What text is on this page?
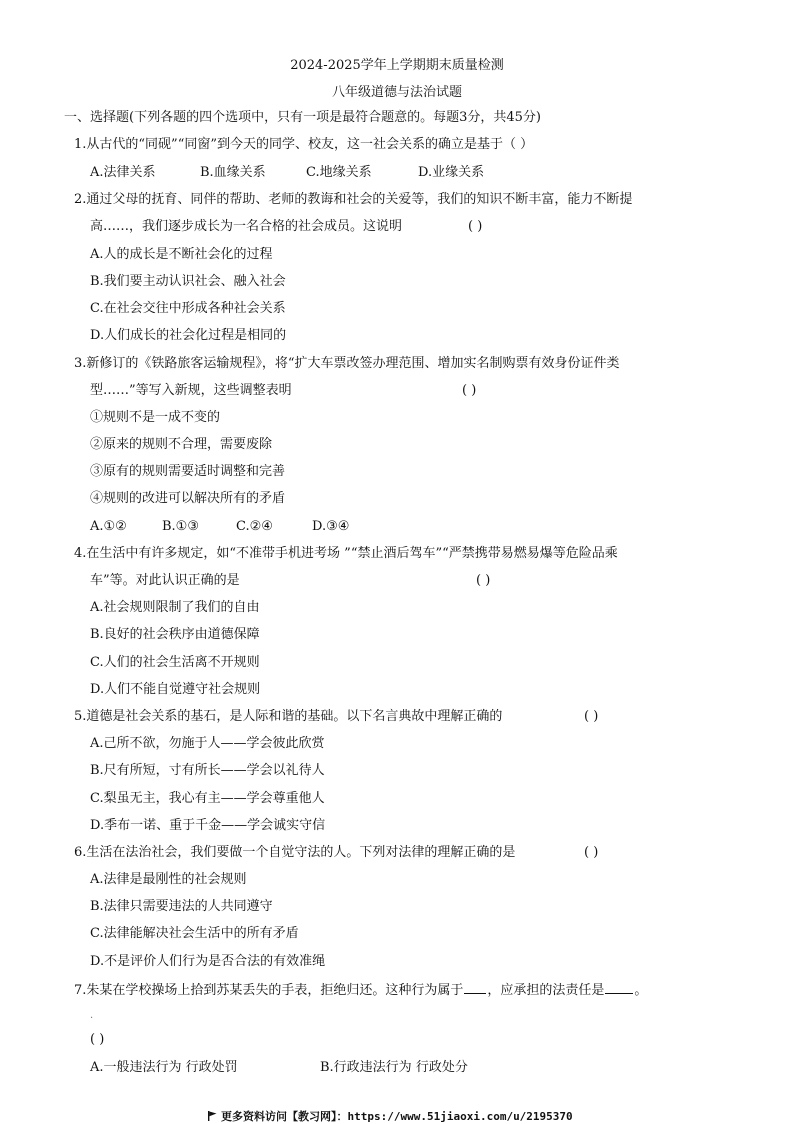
2024-2025学年上学期期末质量检测
八年级道德与法治试题
一、选择题(下列各题的四个选项中，只有一项是最符合题意的。每题3分，共45分)
1.从古代的“同砚”“同窗”到今天的同学、校友，这一社会关系的确立是基于（ ）
A.法律关系	B.血缘关系	C.地缘关系	D.业缘关系
2.通过父母的抚育、同伴的帮助、老师的教诲和社会的关爱等，我们的知识不断丰富，能力不断提
高……，我们逐步成长为一名合格的社会成员。这说明	( )
A.人的成长是不断社会化的过程
B.我们要主动认识社会、融入社会
C.在社会交往中形成各种社会关系
D.人们成长的社会化过程是相同的
3.新修订的《铁路旅客运输规程》，将“扩大车票改签办理范围、增加实名制购票有效身份证件类
型……”等写入新规，这些调整表明	( )
①规则不是一成不变的
②原来的规则不合理，需要废除
③原有的规则需要适时调整和完善
④规则的改进可以解决所有的矛盾
A.①②	B.①③	C.②④	D.③④
4.在生活中有许多规定，如“不准带手机进考场 ”“禁止酒后驾车”“严禁携带易燃易爆等危险品乘
车”等。对此认识正确的是	( )
A.社会规则限制了我们的自由
B.良好的社会秩序由道德保障
C.人们的社会生活离不开规则
D.人们不能自觉遵守社会规则
5.道德是社会关系的基石，是人际和谐的基础。以下名言典故中理解正确的	( )
A.己所不欲，勿施于人——学会彼此欣赏
B.尺有所短，寸有所长——学会以礼待人
C.梨虽无主，我心有主——学会尊重他人
D.季布一诺、重于千金——学会诚实守信
6.生活在法治社会，我们要做一个自觉守法的人。下列对法律的理解正确的是	( )
A.法律是最刚性的社会规则
B.法律只需要违法的人共同遵守
C.法律能解决社会生活中的所有矛盾
D.不是评价人们行为是否合法的有效准绳
7.朱某在学校操场上拾到苏某丢失的手表，拒绝归还。这种行为属于 ，应承担的法责任是 。
·
( )
A.一般违法行为 行政处罚	B.行政违法行为 行政处分
更多资料访问【教习网】：https://www.51jiaoxi.com/u/2195370
